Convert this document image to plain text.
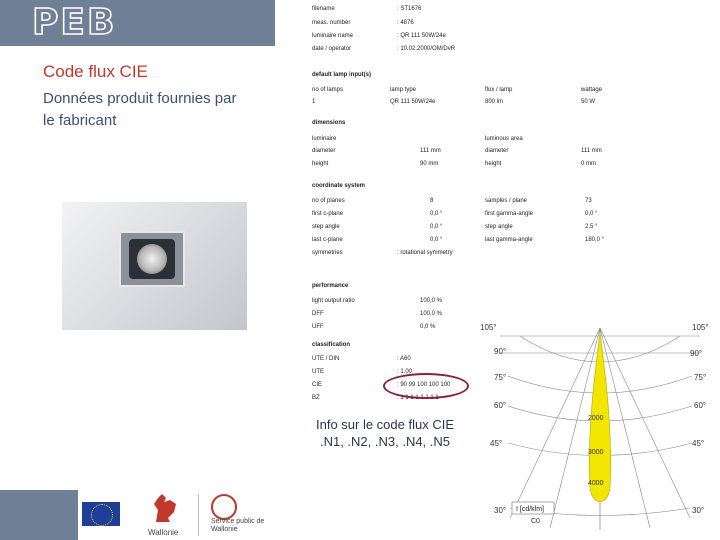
PEB
Code flux CIE
Données produit fournies par le fabricant
Wallonie
Service public de Wallonie
filename	: ST1676
meas. number	: 4876
luminaire name	: QR 111 50W/24e
date / operator	: 10.02.2000/OM/DvR
default lamp input(s)
no of lamps	lamp type	flux / lamp	wattage
1	QR 111 50W/24e	800 lm	50 W
dimensions
luminaire	luminous area
diameter	111 mm	diameter	111 mm
height	90 mm	height	0 mm
coordinate system
no of planes	8	samples / plane	73
first c-plane	0,0 °	first gamma-angle	0,0 °
step angle	0,0 °	step angle	2,5 °
last c-plane	0,0 °	last gamma-angle	180,0 °
symmetries	: rotational symmetry
performance
light output ratio	100,0 %
DFF	100,0 %
UFF	0,0 %
classification
UTE / DIN	: A60
UTE	: 1.00
CIE	: 90 99 100 100 100
BZ	: 1 1 1 1 1 1 1 1
105°	105°
90°	90°
75°	75°
60°	60°
45°	45°
30°	30°
2000
3000
4000
I [cd/klm]
C0
Info sur le code flux CIE
.N1, .N2, .N3, .N4, .N5
